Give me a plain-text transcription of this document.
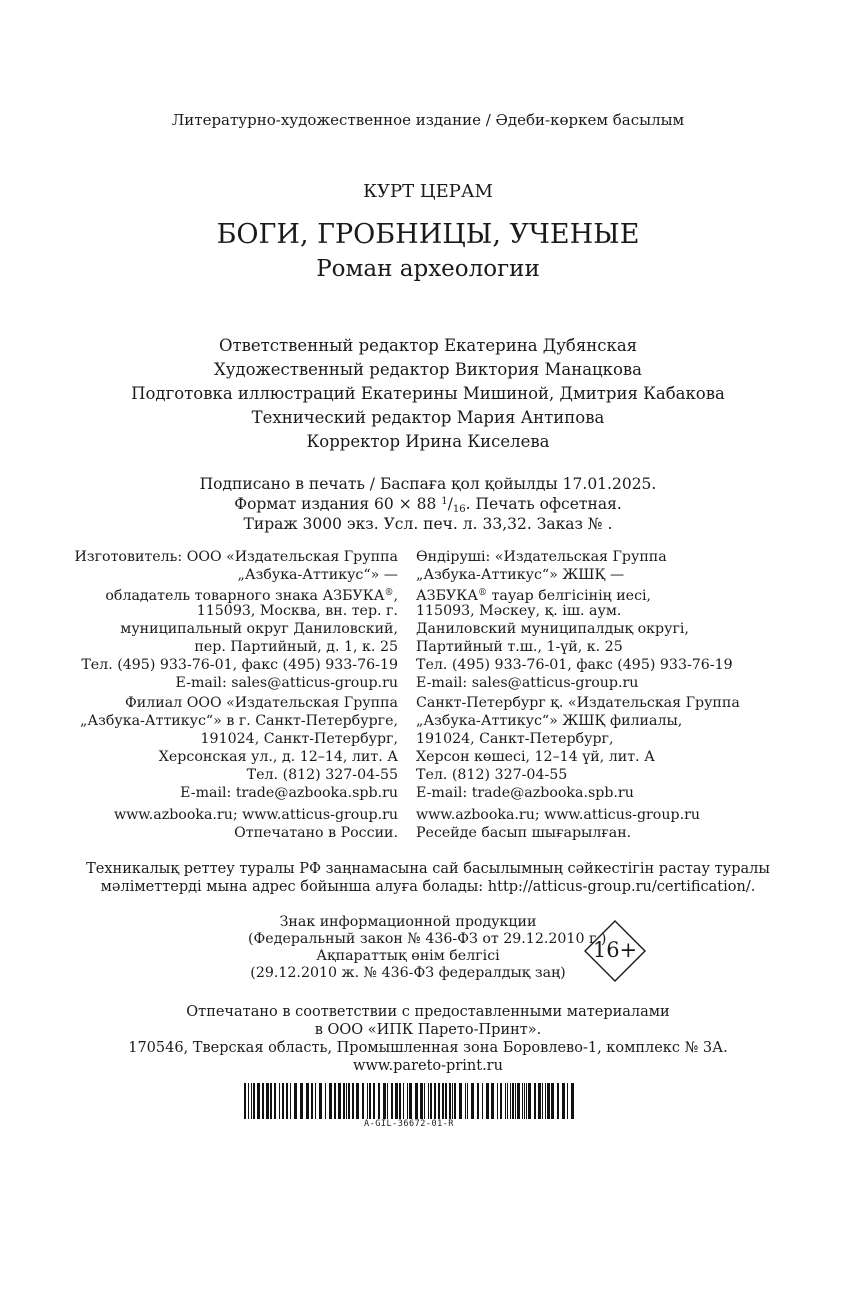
Литературно-художественное издание / Әдеби-көркем басылым
КУРТ ЦЕРАМ
БОГИ, ГРОБНИЦЫ, УЧЕНЫЕ
Роман археологии
Ответственный редактор Екатерина Дубянская
Художественный редактор Виктория Манацкова
Подготовка иллюстраций Екатерины Мишиной, Дмитрия Кабакова
Технический редактор Мария Антипова
Корректор Ирина Киселева
Подписано в печать / Баспаға қол қойылды 17.01.2025.
Формат издания 60 × 88 $^1/_{16}$. Печать офсетная.
Тираж 3000 экз. Усл. печ. л. 33,32. Заказ № .
Изготовитель: ООО «Издательская Группа
„Азбука-Аттикус“» —
обладатель товарного знака АЗБУКА®,
115093, Москва, вн. тер. г.
муниципальный округ Даниловский,
пер. Партийный, д. 1, к. 25
Тел. (495) 933-76-01, факс (495) 933-76-19
E-mail: sales@atticus-group.ru
Өндіруші: «Издательская Группа
„Азбука-Аттикус“» ЖШҚ —
АЗБУКА® тауар белгісінің иесі,
115093, Мәскеу, қ. іш. аум.
Даниловский муниципалдық округі,
Партийный т.ш., 1-үй, к. 25
Тел. (495) 933-76-01, факс (495) 933-76-19
E-mail: sales@atticus-group.ru
Филиал ООО «Издательская Группа
„Азбука-Аттикус“» в г. Санкт-Петербурге,
191024, Санкт-Петербург,
Херсонская ул., д. 12–14, лит. А
Тел. (812) 327-04-55
E-mail: trade@azbooka.spb.ru
Санкт-Петербург қ. «Издательская Группа
„Азбука-Аттикус“» ЖШҚ филиалы,
191024, Санкт-Петербург,
Херсон көшесі, 12–14 үй, лит. А
Тел. (812) 327-04-55
E-mail: trade@azbooka.spb.ru
www.azbooka.ru; www.atticus-group.ru
Отпечатано в России.
www.azbooka.ru; www.atticus-group.ru
Ресейде басып шығарылған.
Техникалық реттеу туралы РФ заңнамасына сай басылымның сәйкестігін растау туралы
мәліметтерді мына адрес бойынша алуға болады: http://atticus-group.ru/certification/.
Знак информационной продукции
(Федеральный закон № 436-ФЗ от 29.12.2010 г.)
Ақпараттық өнім белгісі
(29.12.2010 ж. № 436-ФЗ федералдық заң)
16+
Отпечатано в соответствии с предоставленными материалами
в ООО «ИПК Парето-Принт».
170546, Тверская область, Промышленная зона Боровлево-1, комплекс № 3А.
www.pareto-print.ru
A-GIL-36672-01-R
